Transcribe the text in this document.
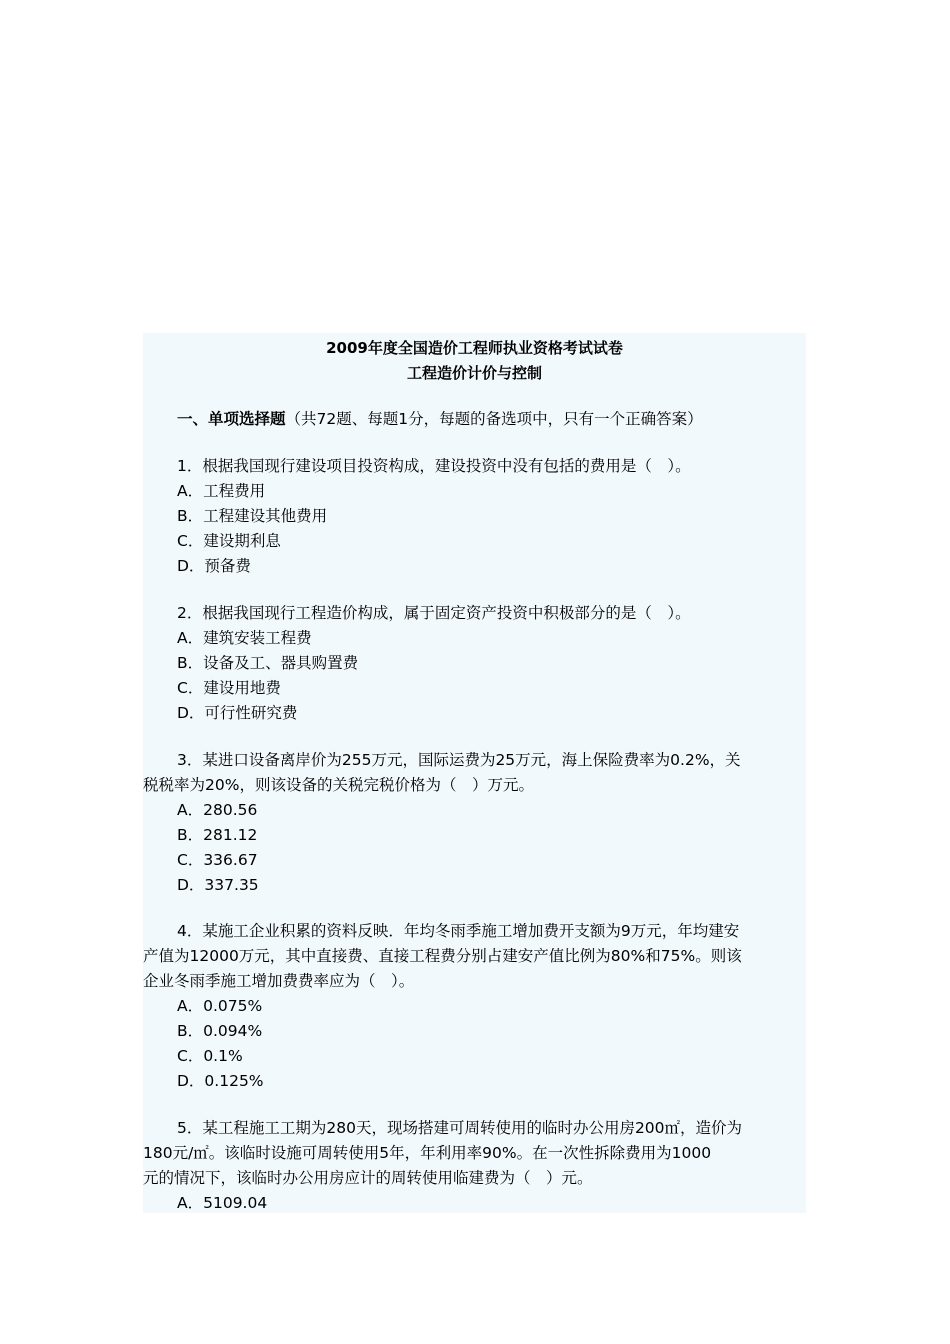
2009年度全国造价工程师执业资格考试试卷
工程造价计价与控制
一、单项选择题（共72题、每题1分，每题的备选项中，只有一个正确答案）
1．根据我国现行建设项目投资构成，建设投资中没有包括的费用是（　）。
A．工程费用
B．工程建设其他费用
C．建设期利息
D．预备费
2．根据我国现行工程造价构成，属于固定资产投资中积极部分的是（　）。
A．建筑安装工程费
B．设备及工、器具购置费
C．建设用地费
D．可行性研究费
3．某进口设备离岸价为255万元，国际运费为25万元，海上保险费率为0.2%，关
税税率为20%，则该设备的关税完税价格为（　）万元。
A．280.56
B．281.12
C．336.67
D．337.35
4．某施工企业积累的资料反映．年均冬雨季施工增加费开支额为9万元，年均建安
产值为12000万元，其中直接费、直接工程费分别占建安产值比例为80%和75%。则该
企业冬雨季施工增加费费率应为（　）。
A．0.075%
B．0.094%
C．0.1%
D．0.125%
5．某工程施工工期为280天，现场搭建可周转使用的临时办公用房200㎡，造价为
180元/㎡。该临时设施可周转使用5年，年利用率90%。在一次性拆除费用为1000
元的情况下，该临时办公用房应计的周转使用临建费为（　）元。
A．5109.04
